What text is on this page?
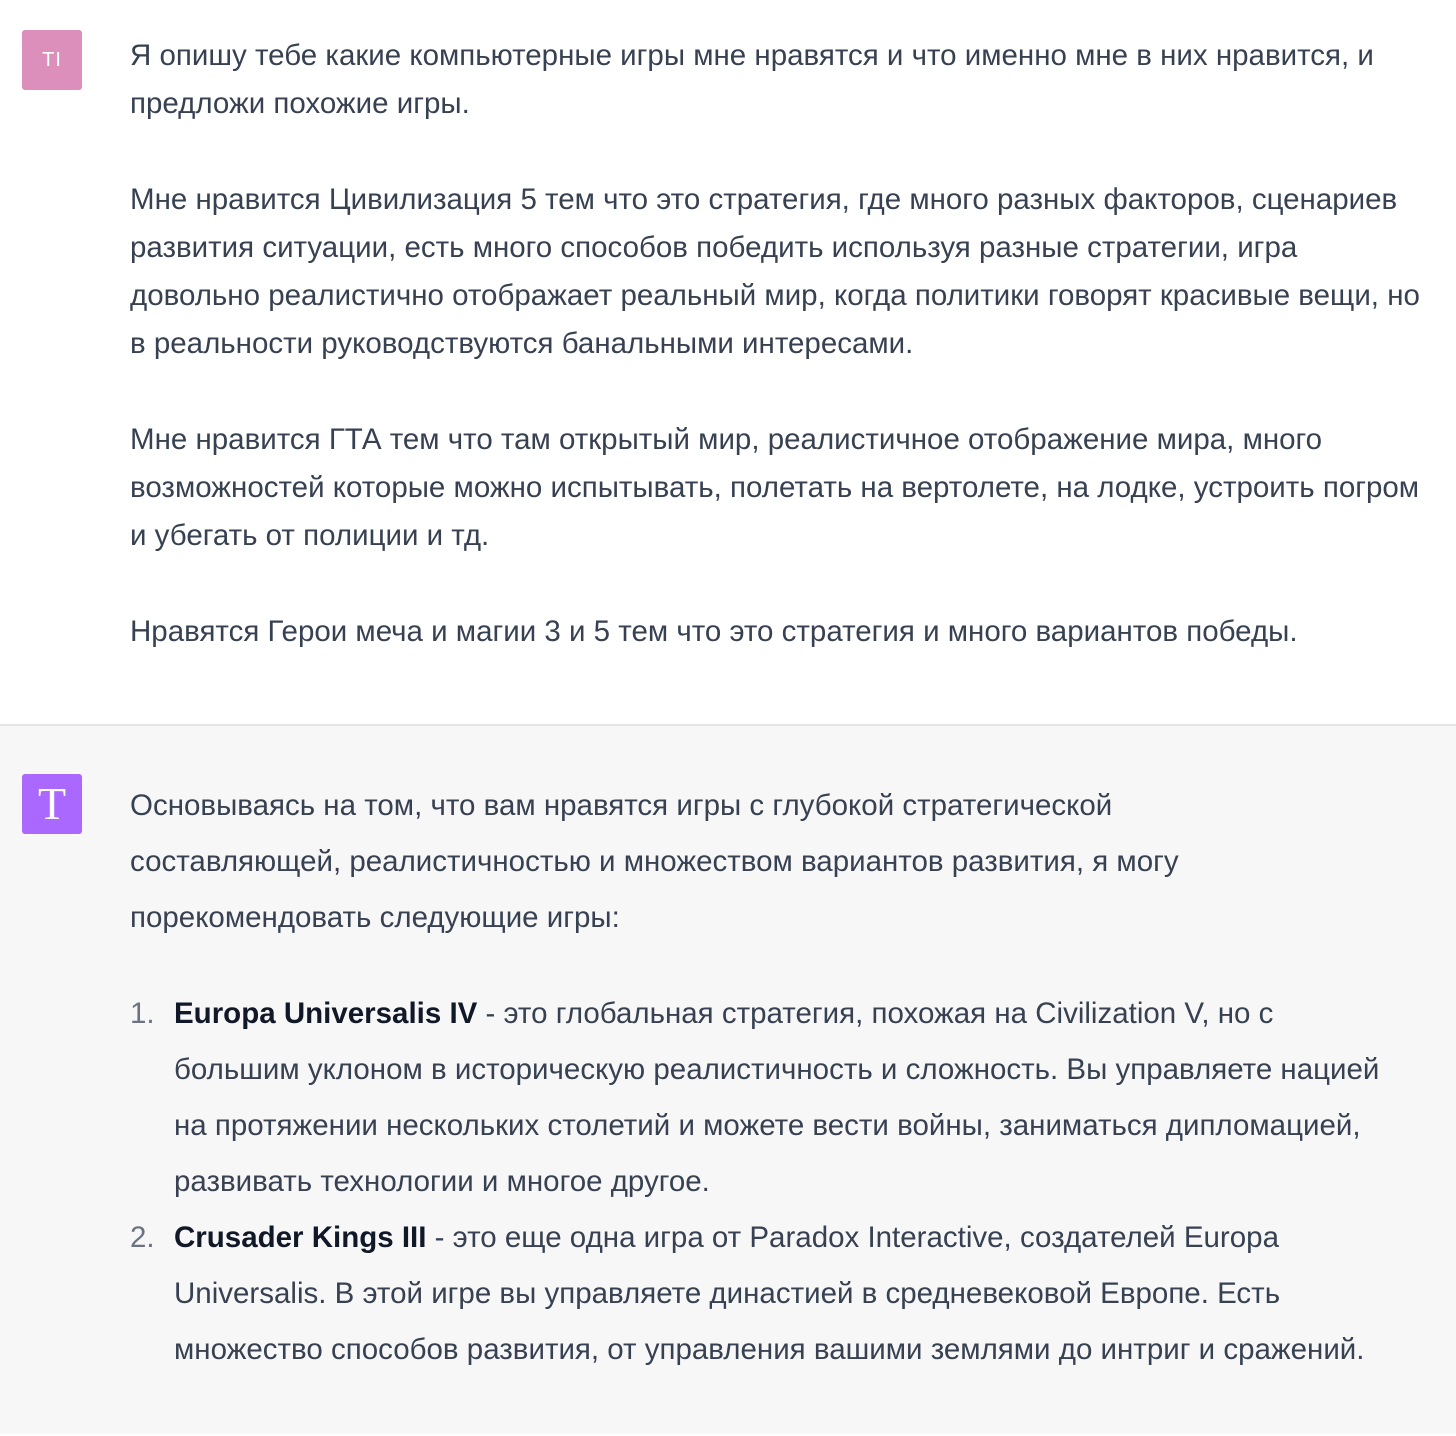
TI Я опишу тебе какие компьютерные игры мне нравятся и что именно мне в них нравится, и предложи похожие игры.

Мне нравится Цивилизация 5 тем что это стратегия, где много разных факторов, сценариев развития ситуации, есть много способов победить используя разные стратегии, игра довольно реалистично отображает реальный мир, когда политики говорят красивые вещи, но в реальности руководствуются банальными интересами.

Мне нравится ГТА тем что там открытый мир, реалистичное отображение мира, много возможностей которые можно испытывать, полетать на вертолете, на лодке, устроить погром и убегать от полиции и тд.

Нравятся Герои меча и магии 3 и 5 тем что это стратегия и много вариантов победы.

T Основываясь на том, что вам нравятся игры с глубокой стратегической составляющей, реалистичностью и множеством вариантов развития, я могу порекомендовать следующие игры:

1. Europa Universalis IV - это глобальная стратегия, похожая на Civilization V, но с большим уклоном в историческую реалистичность и сложность. Вы управляете нацией на протяжении нескольких столетий и можете вести войны, заниматься дипломацией, развивать технологии и многое другое.
2. Crusader Kings III - это еще одна игра от Paradox Interactive, создателей Europa Universalis. В этой игре вы управляете династией в средневековой Европе. Есть множество способов развития, от управления вашими землями до интриг и сражений.
